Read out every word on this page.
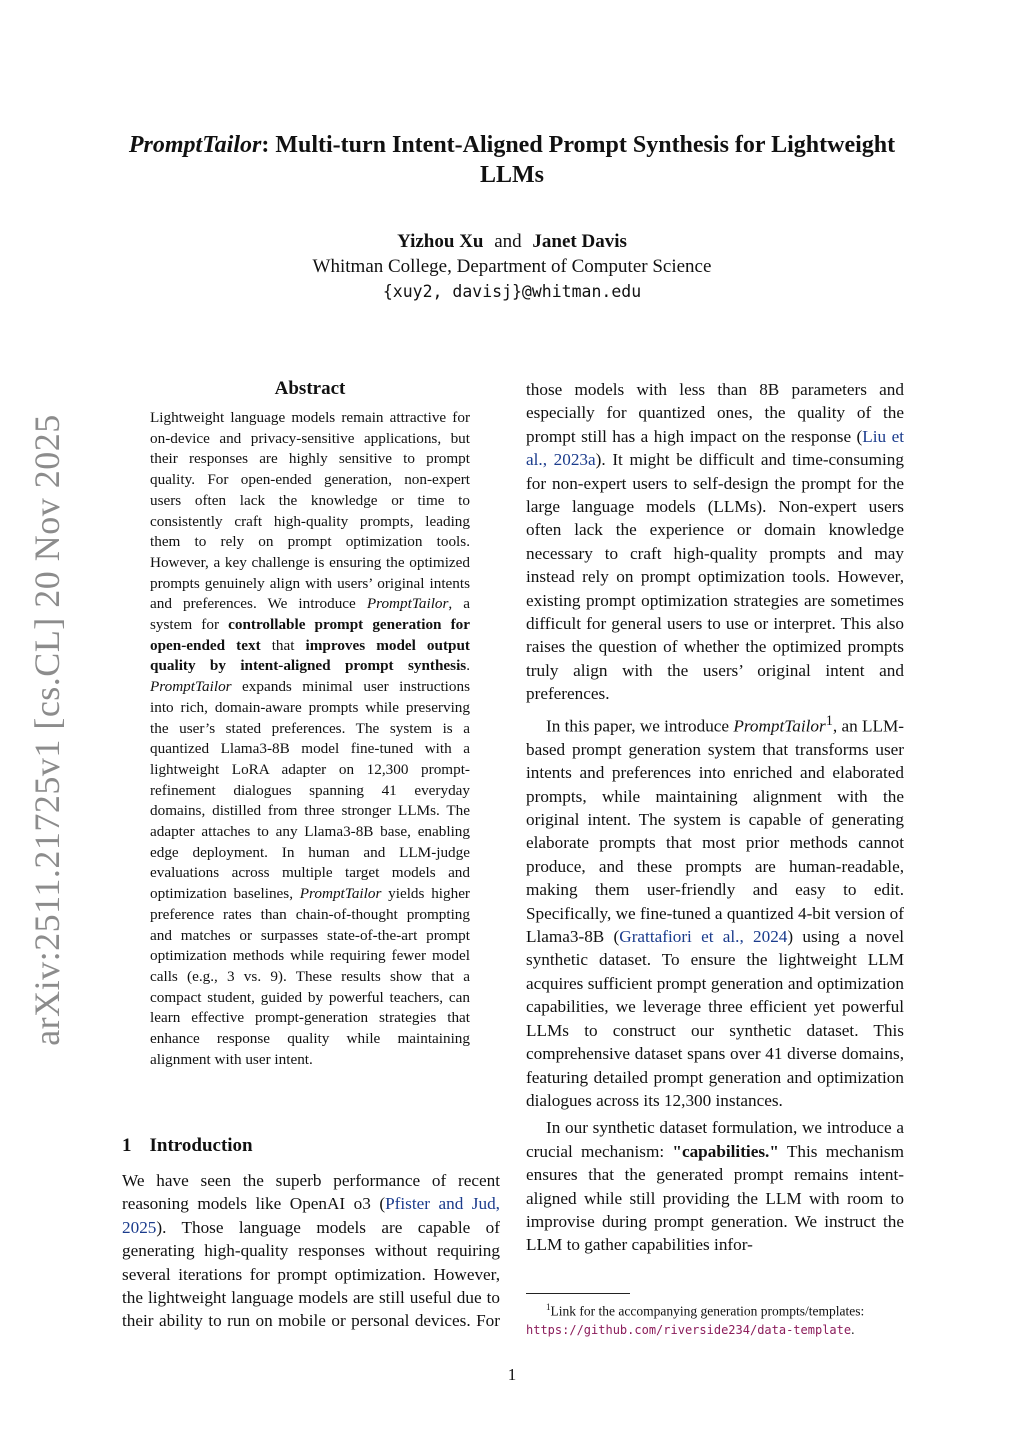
arXiv:2511.21725v1 [cs.CL] 20 Nov 2025
PromptTailor: Multi-turn Intent-Aligned Prompt Synthesis for Lightweight LLMs
Yizhou Xu and Janet Davis
Whitman College, Department of Computer Science
{xuy2, davisj}@whitman.edu
Abstract

Lightweight language models remain attractive for on-device and privacy-sensitive applications, but their responses are highly sensitive to prompt quality. For open-ended generation, non-expert users often lack the knowledge or time to consistently craft high-quality prompts, leading them to rely on prompt optimization tools. However, a key challenge is ensuring the optimized prompts genuinely align with users’ original intents and preferences. We introduce PromptTailor, a system for controllable prompt generation for open-ended text that improves model output quality by intent-aligned prompt synthesis. PromptTailor expands minimal user instructions into rich, domain-aware prompts while preserving the user’s stated preferences. The system is a quantized Llama3-8B model fine-tuned with a lightweight LoRA adapter on 12,300 prompt-refinement dialogues spanning 41 everyday domains, distilled from three stronger LLMs. The adapter attaches to any Llama3-8B base, enabling edge deployment. In human and LLM-judge evaluations across multiple target models and optimization baselines, PromptTailor yields higher preference rates than chain-of-thought prompting and matches or surpasses state-of-the-art prompt optimization methods while requiring fewer model calls (e.g., 3 vs. 9). These results show that a compact student, guided by powerful teachers, can learn effective prompt-generation strategies that enhance response quality while maintaining alignment with user intent.

1 Introduction

We have seen the superb performance of recent reasoning models like OpenAI o3 (Pfister and Jud, 2025). Those language models are capable of generating high-quality responses without requiring several iterations for prompt optimization. However, the lightweight language models are still useful due to their ability to run on mobile or personal devices. For

those models with less than 8B parameters and especially for quantized ones, the quality of the prompt still has a high impact on the response (Liu et al., 2023a). It might be difficult and time-consuming for non-expert users to self-design the prompt for the large language models (LLMs). Non-expert users often lack the experience or domain knowledge necessary to craft high-quality prompts and may instead rely on prompt optimization tools. However, existing prompt optimization strategies are sometimes difficult for general users to use or interpret. This also raises the question of whether the optimized prompts truly align with the users’ original intent and preferences.

In this paper, we introduce PromptTailor$^1$, an LLM-based prompt generation system that transforms user intents and preferences into enriched and elaborated prompts, while maintaining alignment with the original intent. The system is capable of generating elaborate prompts that most prior methods cannot produce, and these prompts are human-readable, making them user-friendly and easy to edit. Specifically, we fine-tuned a quantized 4-bit version of Llama3-8B (Grattafiori et al., 2024) using a novel synthetic dataset. To ensure the lightweight LLM acquires sufficient prompt generation and optimization capabilities, we leverage three efficient yet powerful LLMs to construct our synthetic dataset. This comprehensive dataset spans over 41 diverse domains, featuring detailed prompt generation and optimization dialogues across its 12,300 instances.

In our synthetic dataset formulation, we introduce a crucial mechanism: "capabilities." This mechanism ensures that the generated prompt remains intent-aligned while still providing the LLM with room to improvise during prompt generation. We instruct the LLM to gather capabilities infor-

$^1$Link for the accompanying generation prompts/templates:
https://github.com/riverside234/data-template.
1
